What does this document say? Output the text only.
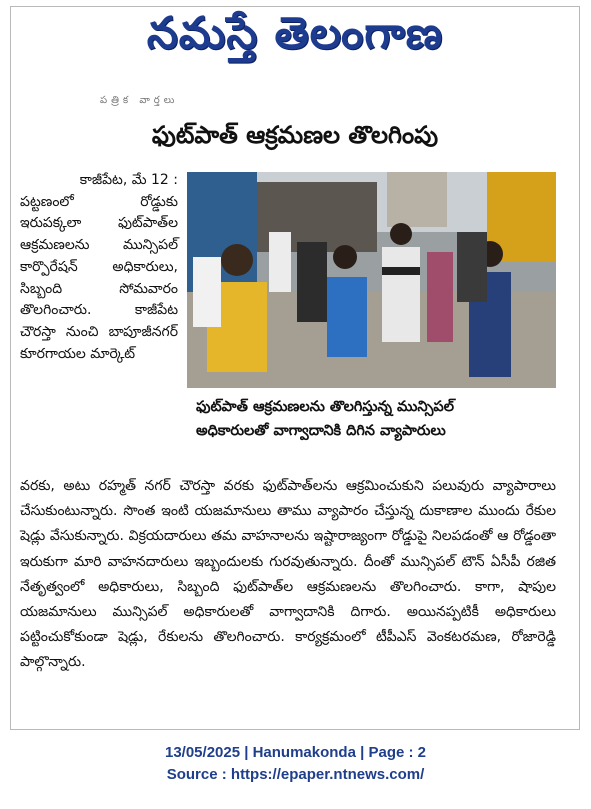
నమస్తే తెలంగాణ
పత్రిక వార్తలు
ఫుట్‌పాత్ ఆక్రమణల తొలగింపు
కాజీపేట, మే 12 :

పట్టణంలో రోడ్డుకు ఇరుపక్కలా ఫుట్‌పాత్‌ల ఆక్రమణలను మున్సిపల్ కార్పొరేషన్ అధికారులు, సిబ్బంది సోమవారం తొలగించారు. కాజీపేట చౌరస్తా నుంచి బాపూజీనగర్ కూరగాయల మార్కెట్

ఫుట్‌పాత్ ఆక్రమణలను తొలగిస్తున్న మున్సిపల్
అధికారులతో వాగ్వాదానికి దిగిన వ్యాపారులు

వరకు, అటు రహ్మత్ నగర్ చౌరస్తా వరకు ఫుట్‌పాత్‌లను ఆక్రమించుకుని పలువురు వ్యాపారాలు చేసుకుంటున్నారు. సొంత ఇంటి యజమానులు తాము వ్యాపారం చేస్తున్న దుకాణాల ముందు రేకుల షెడ్లు వేసుకున్నారు. విక్రయదారులు తమ వాహనాలను ఇష్టారాజ్యంగా రోడ్డుపై నిలపడంతో ఆ రోడ్డంతా ఇరుకుగా మారి వాహనదారులు ఇబ్బందులకు గురవుతున్నారు. దీంతో మున్సిపల్ టౌన్ ఏసీపీ రజిత నేతృత్వంలో అధికారులు, సిబ్బంది ఫుట్‌పాత్‌ల ఆక్రమణలను తొలగించారు. కాగా, షాపుల యజమానులు మున్సిపల్ అధికారులతో వాగ్వాదానికి దిగారు. అయినప్పటికీ అధికారులు పట్టించుకోకుండా షెడ్లు, రేకులను తొలగించారు. కార్యక్రమంలో టీపీఎస్ వెంకటరమణ, రోజారెడ్డి పాల్గొన్నారు.

13/05/2025 | Hanumakonda | Page : 2
Source : https://epaper.ntnews.com/
